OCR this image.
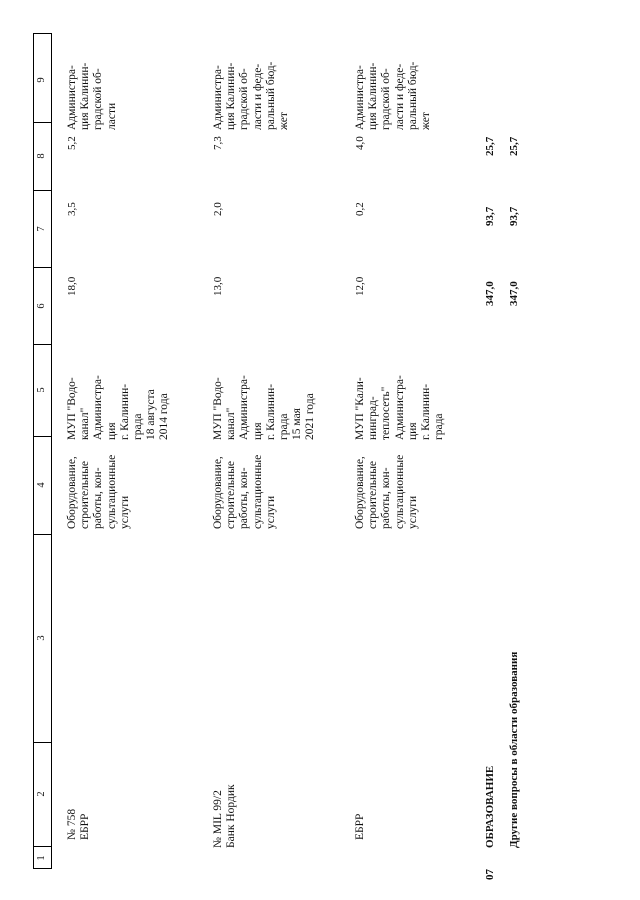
1
2
3
4
5
6
7
8
9
№ 758
ЕБРР
Оборудование,
строительные
работы, кон-
сультационные
услуги
МУП "Водо-
канал"
Администра-
ция
г. Калинин-
града
18 августа
2014 года
18,0
3,5
5,2
Администра-
ция Калинин-
градской об-
ласти
№ MIL 99/2
Банк Нордик
Оборудование,
строительные
работы, кон-
сультационные
услуги
МУП "Водо-
канал"
Администра-
ция
г. Калинин-
града
15 мая
2021 года
13,0
2,0
7,3
Администра-
ция Калинин-
градской об-
ласти и феде-
ральный бюд-
жет
ЕБРР
Оборудование,
строительные
работы, кон-
сультационные
услуги
МУП "Кали-
нинград-
теплосеть"
Администра-
ция
г. Калинин-
града
12,0
0,2
4,0
Администра-
ция Калинин-
градской об-
ласти и феде-
ральный бюд-
жет
07
ОБРАЗОВАНИЕ
347,0
93,7
25,7
Другие вопросы в области образования
347,0
93,7
25,7
